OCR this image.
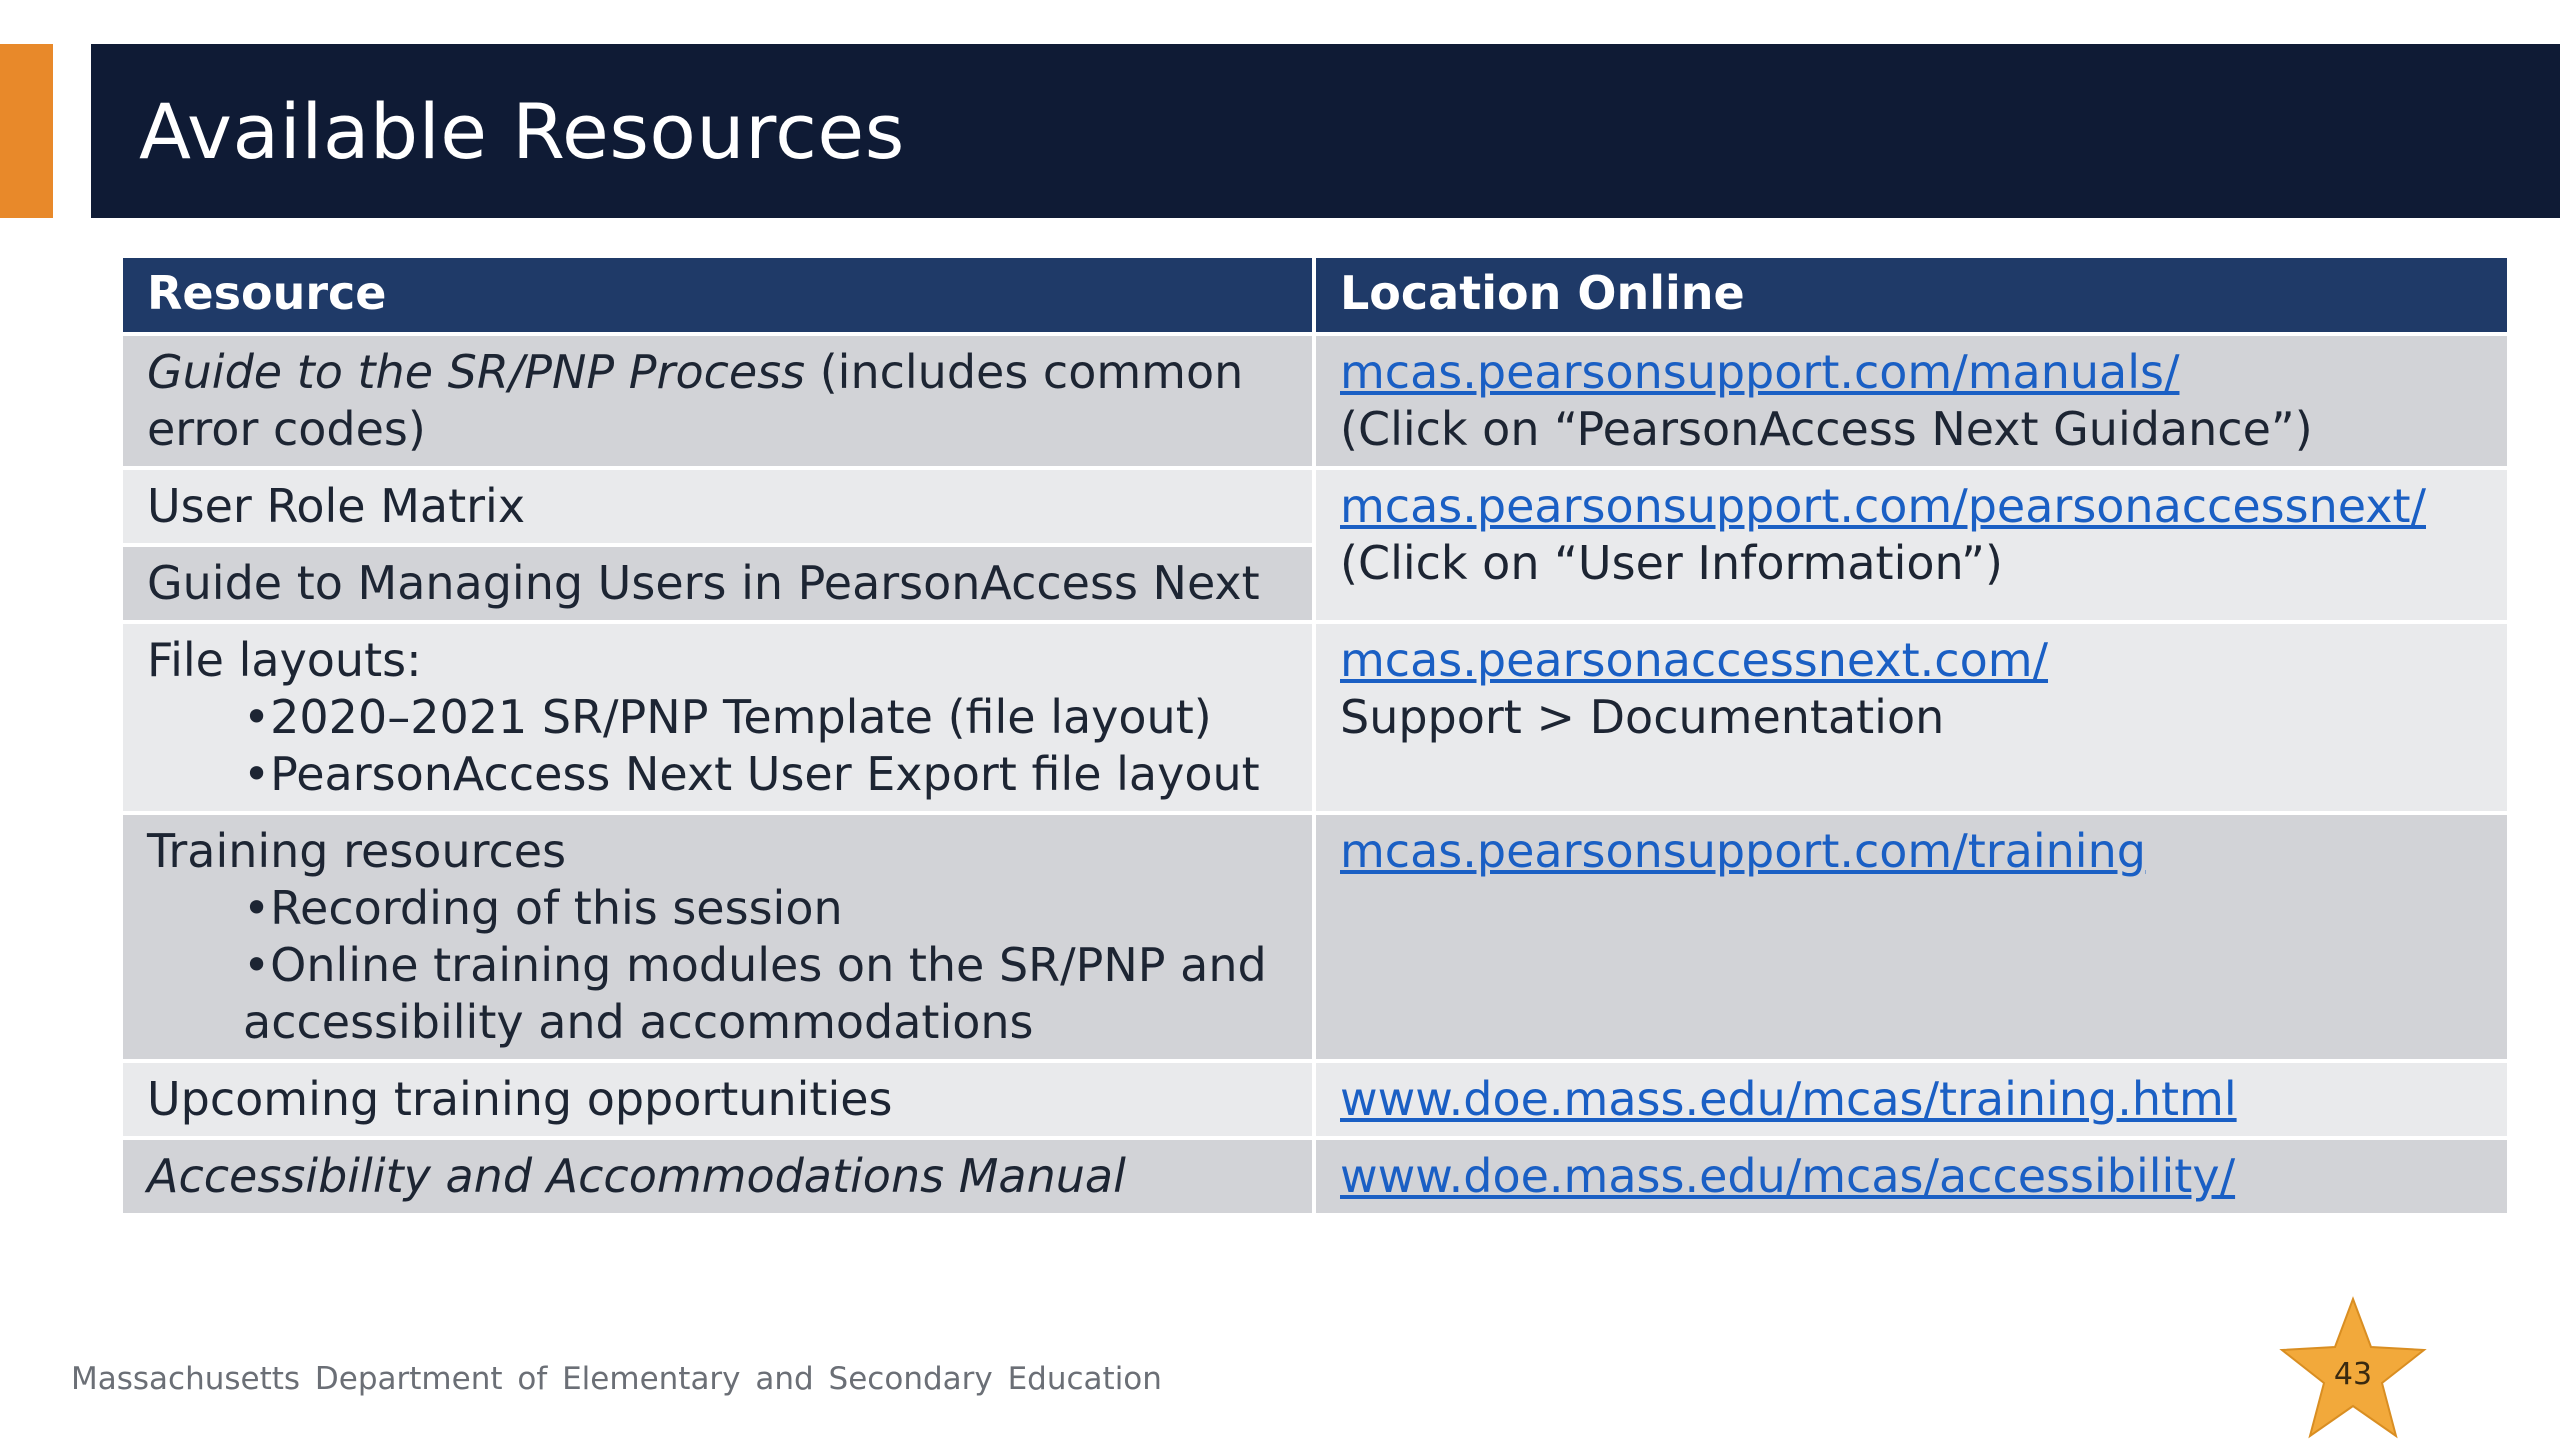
Available Resources
Resource	Location Online
Guide to the SR/PNP Process (includes common error codes)	mcas.pearsonsupport.com/manuals/
(Click on “PearsonAccess Next Guidance”)
User Role Matrix	mcas.pearsonsupport.com/pearsonaccessnext/ (Click on “User Information”)
Guide to Managing Users in PearsonAccess Next	
File layouts:
•2020–2021 SR/PNP Template (file layout)
•PearsonAccess Next User Export file layout	mcas.pearsonaccessnext.com/
Support > Documentation
Training resources
•Recording of this session
•Online training modules on the SR/PNP and accessibility and accommodations	mcas.pearsonsupport.com/training
Upcoming training opportunities	www.doe.mass.edu/mcas/training.html
Accessibility and Accommodations Manual	www.doe.mass.edu/mcas/accessibility/
Massachusetts Department of Elementary and Secondary Education	43
